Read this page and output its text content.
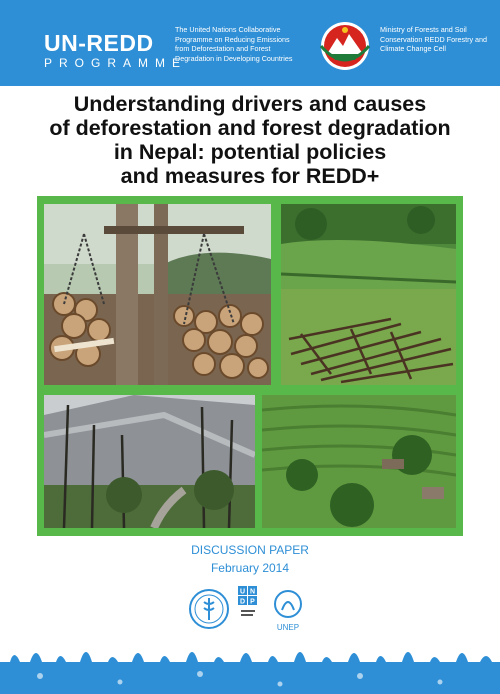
UN-REDD
PROGRAMME
The United Nations Collaborative Programme on Reducing Emissions from Deforestation and Forest Degradation in Developing Countries
Ministry of Forests and Soil Conservation REDD Forestry and Climate Change Cell
Understanding drivers and causes
of deforestation and forest degradation
in Nepal: potential policies
and measures for REDD+
DISCUSSION PAPER
February 2014
U N
D P
UNEP
